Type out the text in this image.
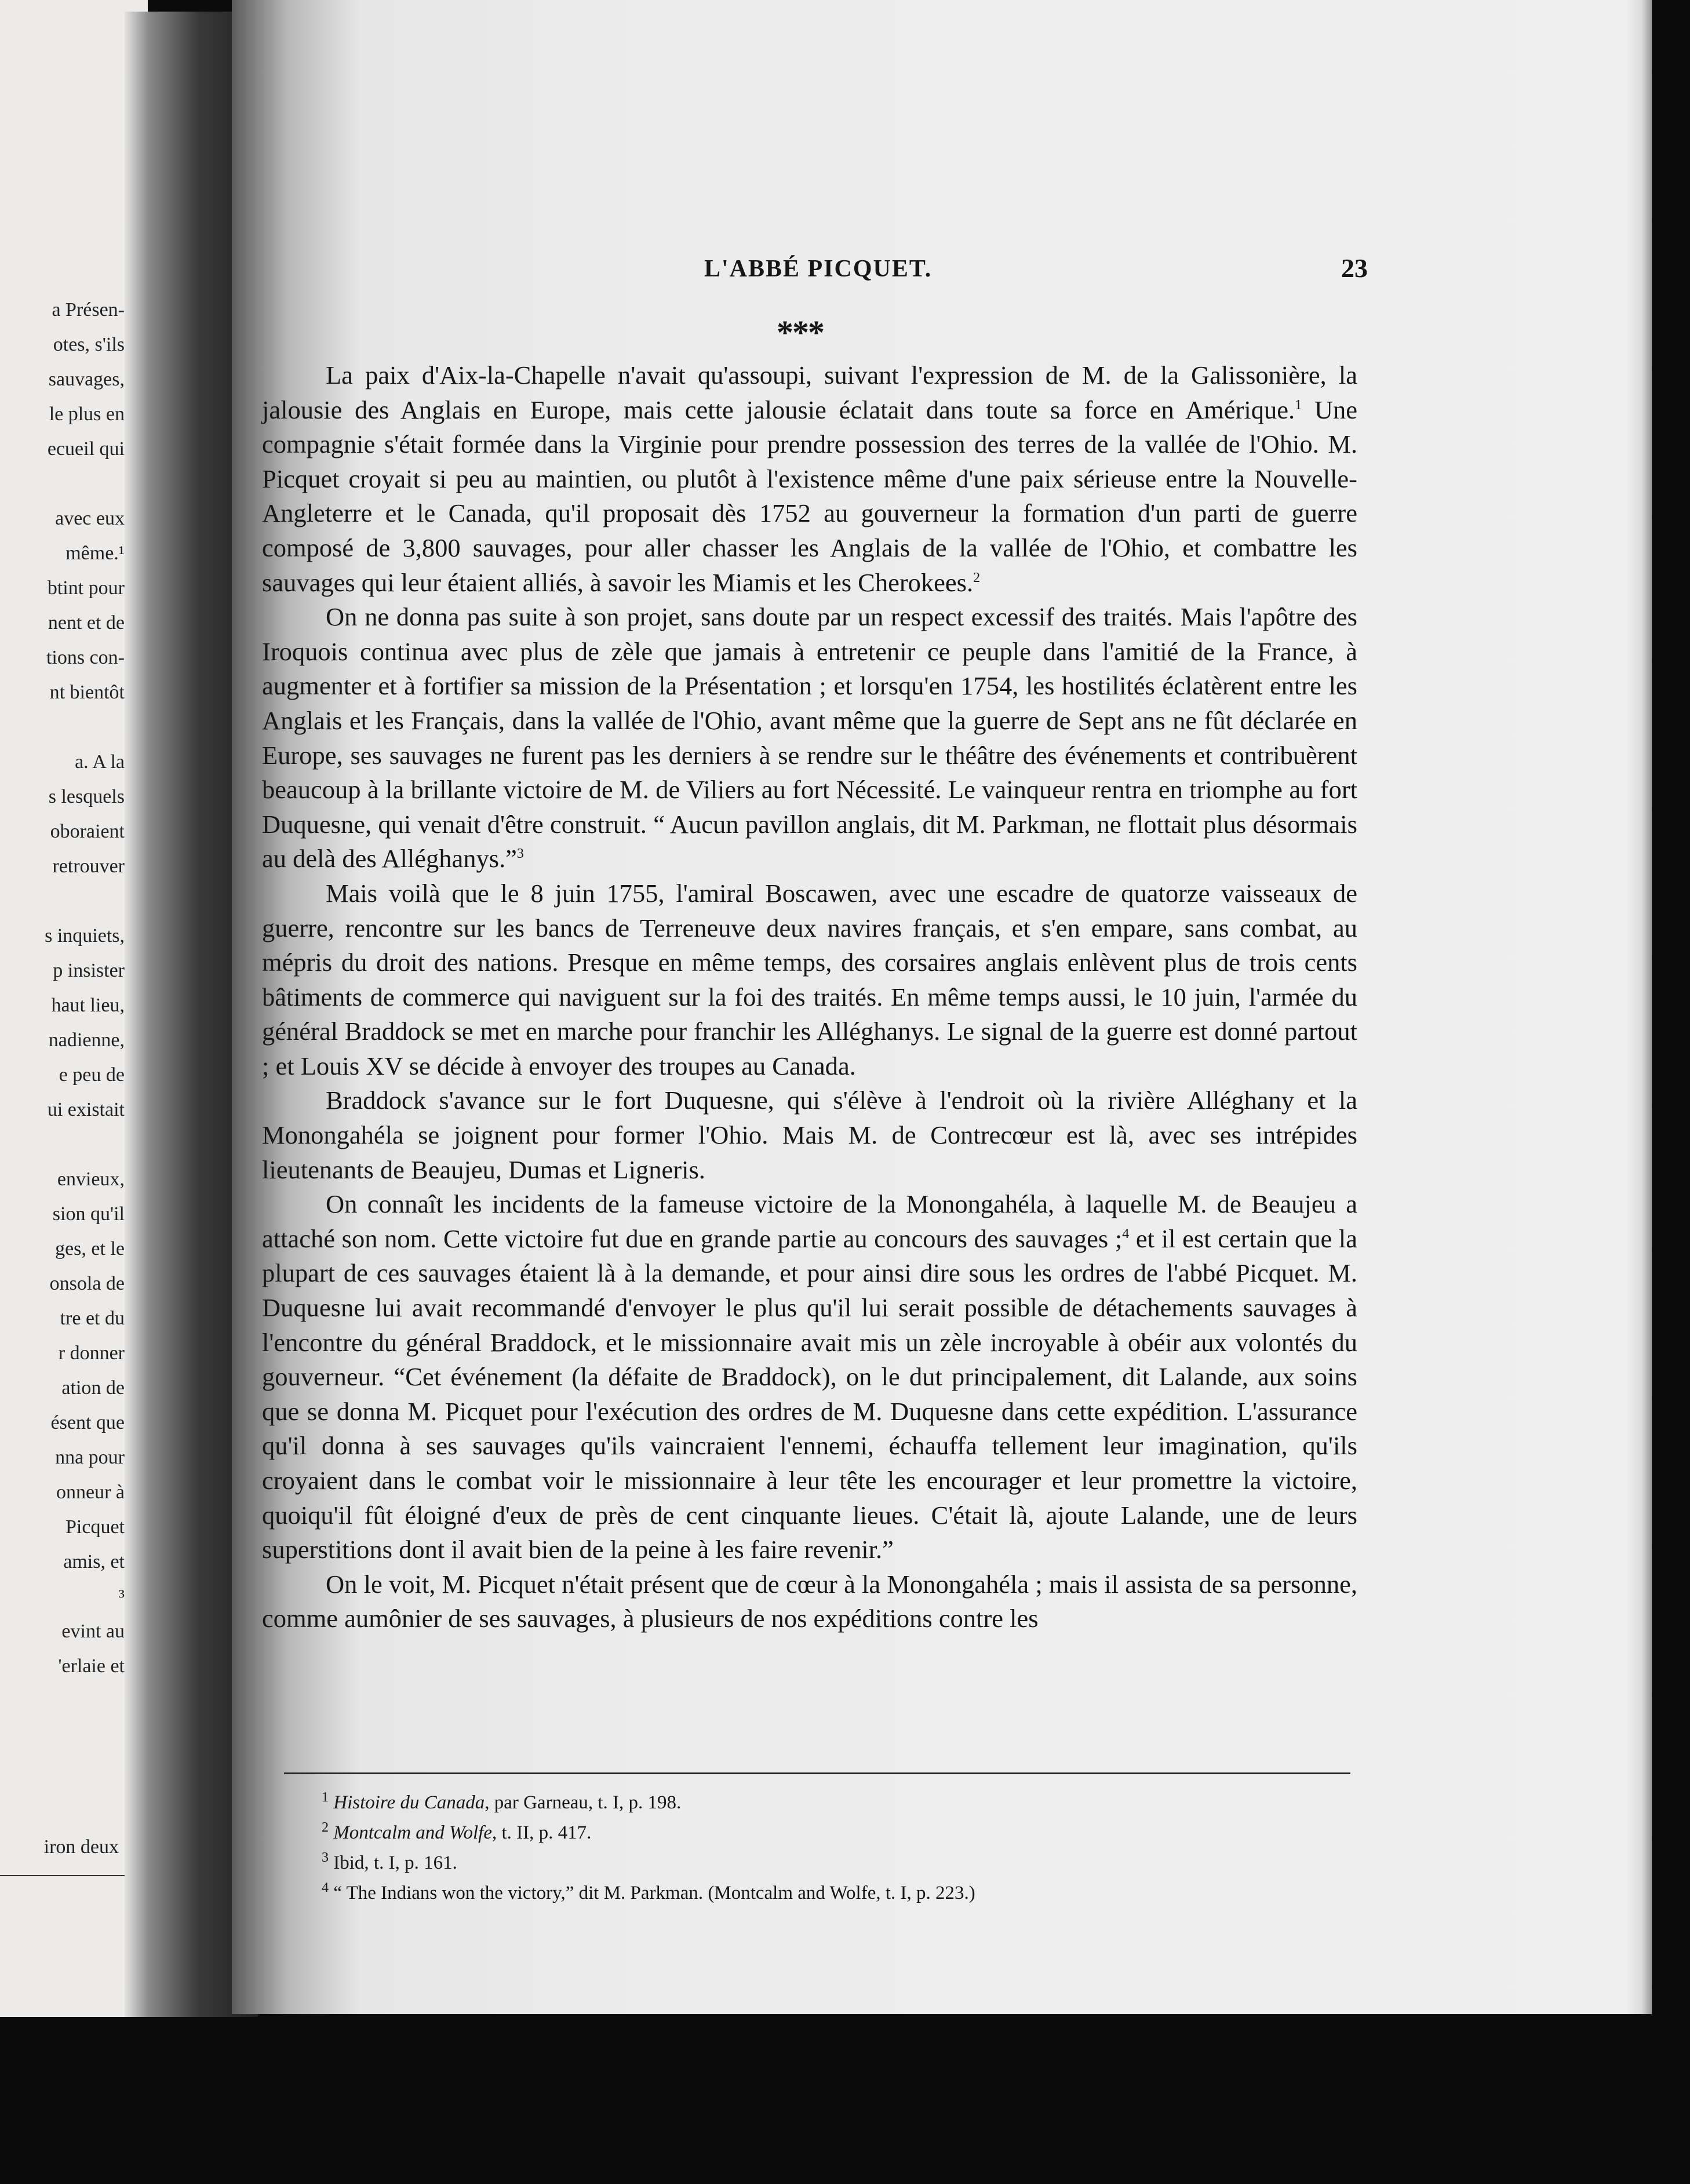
a Présen-
otes, s'ils
sauvages,
le plus en
ecueil qui
avec eux
même.¹
btint pour
nent et de
tions con-
nt bientôt
a. A la
s lesquels
oboraient
retrouver
s inquiets,
p insister
haut lieu,
nadienne,
e peu de
ui existait
envieux,
sion qu'il
ges, et le
onsola de
tre et du
r donner
ation de
ésent que
nna pour
onneur à
Picquet
amis, et
³
evint au
'erlaie et
iron deux
L'ABBÉ PICQUET.	23
***

La paix d'Aix-la-Chapelle n'avait qu'assoupi, suivant l'expression de M. de la Galissonière, la jalousie des Anglais en Europe, mais cette jalousie éclatait dans toute sa force en Amérique.$^1$ Une compagnie s'était formée dans la Virginie pour prendre possession des terres de la vallée de l'Ohio. M. Picquet croyait si peu au maintien, ou plutôt à l'existence même d'une paix sérieuse entre la Nouvelle-Angleterre et le Canada, qu'il proposait dès 1752 au gouverneur la formation d'un parti de guerre composé de 3,800 sauvages, pour aller chasser les Anglais de la vallée de l'Ohio, et combattre les sauvages qui leur étaient alliés, à savoir les Miamis et les Cherokees.$^2$

On ne donna pas suite à son projet, sans doute par un respect excessif des traités. Mais l'apôtre des Iroquois continua avec plus de zèle que jamais à entretenir ce peuple dans l'amitié de la France, à augmenter et à fortifier sa mission de la Présentation ; et lorsqu'en 1754, les hostilités éclatèrent entre les Anglais et les Français, dans la vallée de l'Ohio, avant même que la guerre de Sept ans ne fût déclarée en Europe, ses sauvages ne furent pas les derniers à se rendre sur le théâtre des événements et contribuèrent beaucoup à la brillante victoire de M. de Viliers au fort Nécessité. Le vainqueur rentra en triomphe au fort Duquesne, qui venait d'être construit. “ Aucun pavillon anglais, dit M. Parkman, ne flottait plus désormais au delà des Alléghanys.”$^3$

Mais voilà que le 8 juin 1755, l'amiral Boscawen, avec une escadre de quatorze vaisseaux de guerre, rencontre sur les bancs de Terreneuve deux navires français, et s'en empare, sans combat, au mépris du droit des nations. Presque en même temps, des corsaires anglais enlèvent plus de trois cents bâtiments de commerce qui naviguent sur la foi des traités. En même temps aussi, le 10 juin, l'armée du général Braddock se met en marche pour franchir les Alléghanys. Le signal de la guerre est donné partout ; et Louis XV se décide à envoyer des troupes au Canada.

Braddock s'avance sur le fort Duquesne, qui s'élève à l'endroit où la rivière Alléghany et la Monongahéla se joignent pour former l'Ohio. Mais M. de Contrecœur est là, avec ses intrépides lieutenants de Beaujeu, Dumas et Ligneris.

On connaît les incidents de la fameuse victoire de la Monongahéla, à laquelle M. de Beaujeu a attaché son nom. Cette victoire fut due en grande partie au concours des sauvages ;$^4$ et il est certain que la plupart de ces sauvages étaient là à la demande, et pour ainsi dire sous les ordres de l'abbé Picquet. M. Duquesne lui avait recommandé d'envoyer le plus qu'il lui serait possible de détachements sauvages à l'encontre du général Braddock, et le missionnaire avait mis un zèle incroyable à obéir aux volontés du gouverneur. “Cet événement (la défaite de Braddock), on le dut principalement, dit Lalande, aux soins que se donna M. Picquet pour l'exécution des ordres de M. Duquesne dans cette expédition. L'assurance qu'il donna à ses sauvages qu'ils vaincraient l'ennemi, échauffa tellement leur imagination, qu'ils croyaient dans le combat voir le missionnaire à leur tête les encourager et leur promettre la victoire, quoiqu'il fût éloigné d'eux de près de cent cinquante lieues. C'était là, ajoute Lalande, une de leurs superstitions dont il avait bien de la peine à les faire revenir.”

On le voit, M. Picquet n'était présent que de cœur à la Monongahéla ; mais il assista de sa personne, comme aumônier de ses sauvages, à plusieurs de nos expéditions contre les

$^1$ Histoire du Canada, par Garneau, t. I, p. 198.
$^2$ Montcalm and Wolfe, t. II, p. 417.
$^3$ Ibid, t. I, p. 161.
$^4$ “ The Indians won the victory,” dit M. Parkman. (Montcalm and Wolfe, t. I, p. 223.)
